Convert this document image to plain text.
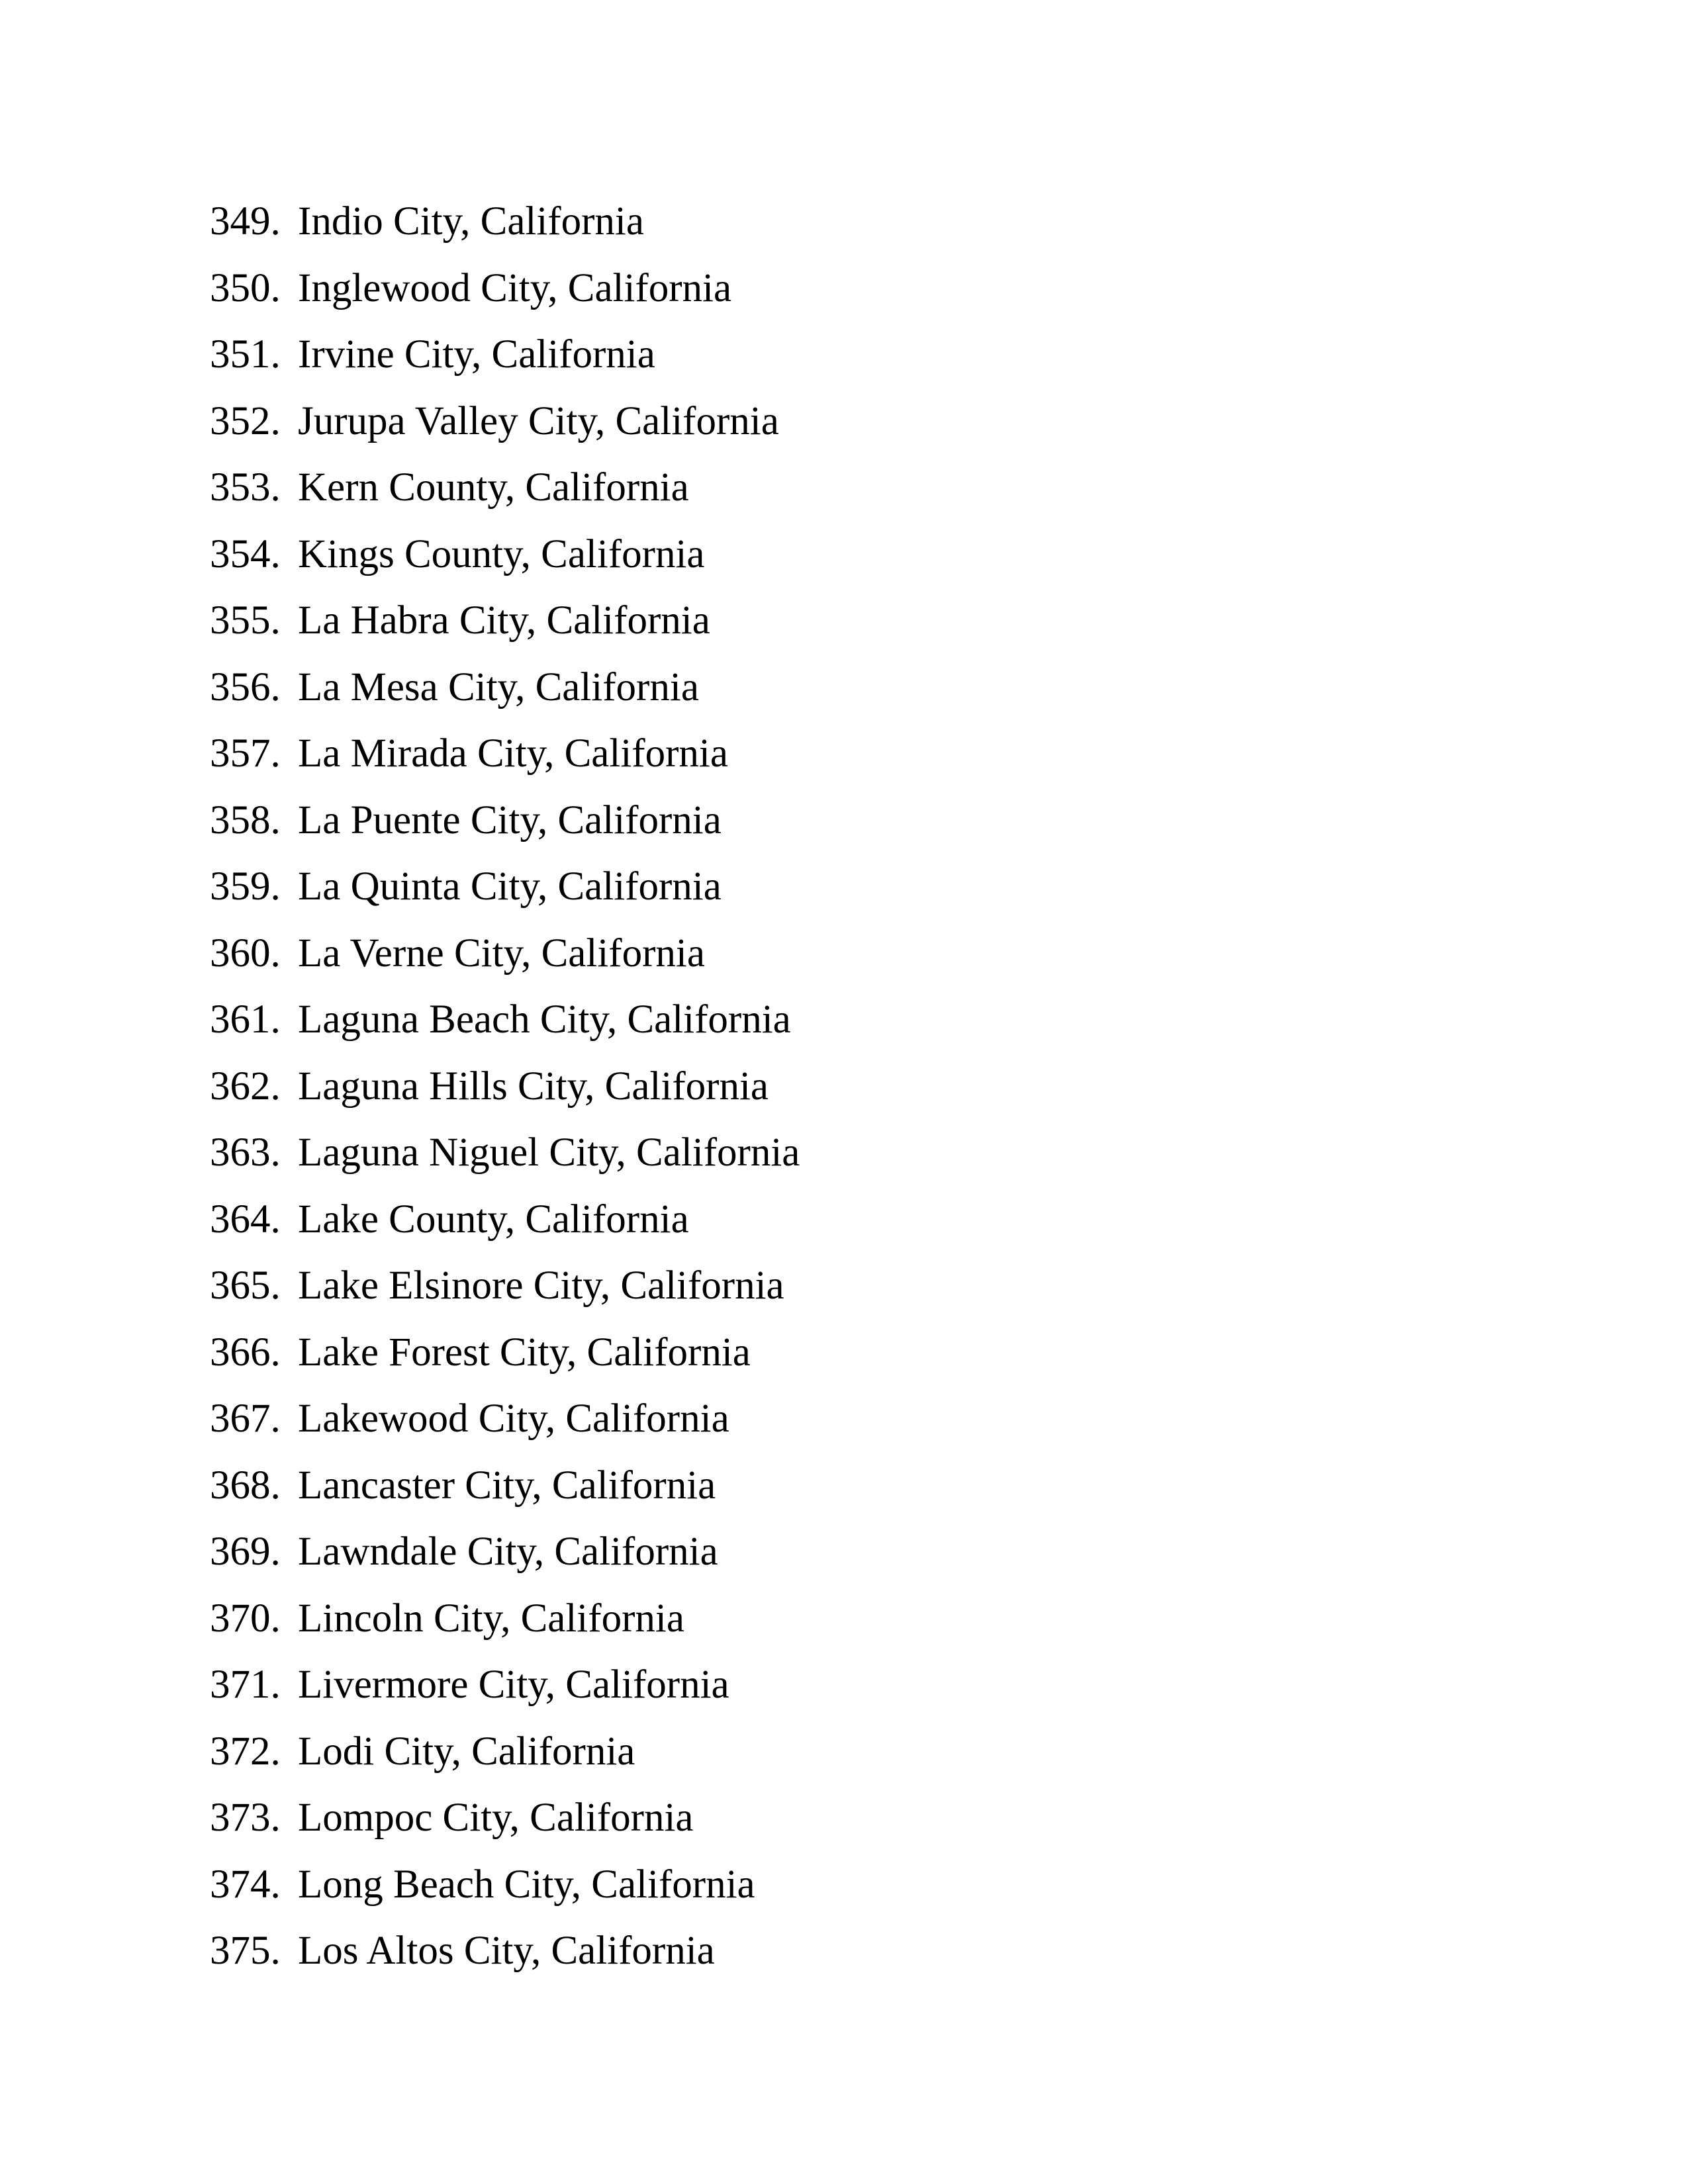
349. Indio City, California
350. Inglewood City, California
351. Irvine City, California
352. Jurupa Valley City, California
353. Kern County, California
354. Kings County, California
355. La Habra City, California
356. La Mesa City, California
357. La Mirada City, California
358. La Puente City, California
359. La Quinta City, California
360. La Verne City, California
361. Laguna Beach City, California
362. Laguna Hills City, California
363. Laguna Niguel City, California
364. Lake County, California
365. Lake Elsinore City, California
366. Lake Forest City, California
367. Lakewood City, California
368. Lancaster City, California
369. Lawndale City, California
370. Lincoln City, California
371. Livermore City, California
372. Lodi City, California
373. Lompoc City, California
374. Long Beach City, California
375. Los Altos City, California
